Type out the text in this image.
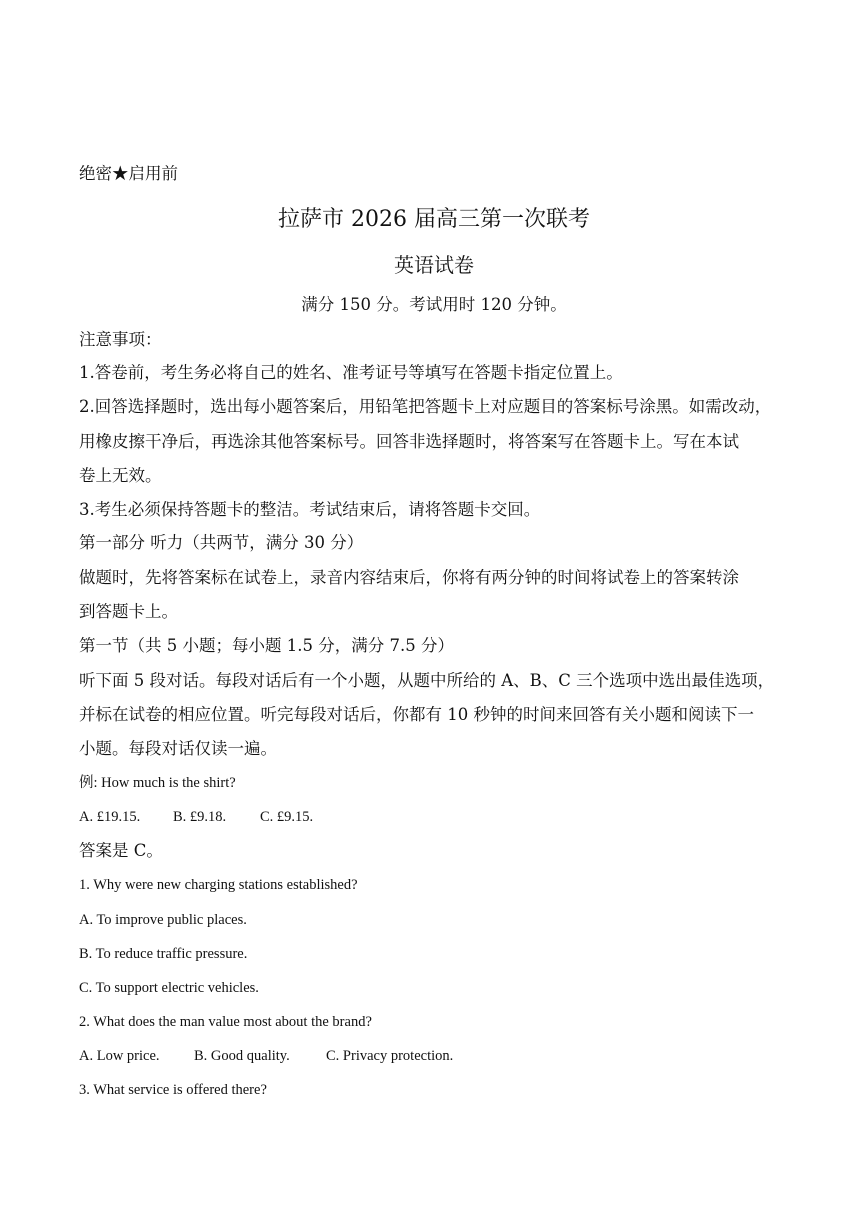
绝密★启用前
拉萨市 2026 届高三第一次联考
英语试卷
满分 150 分。考试用时 120 分钟。
注意事项：
1.答卷前，考生务必将自己的姓名、准考证号等填写在答题卡指定位置上。
2.回答选择题时，选出每小题答案后，用铅笔把答题卡上对应题目的答案标号涂黑。如需改动，
用橡皮擦干净后，再选涂其他答案标号。回答非选择题时，将答案写在答题卡上。写在本试
卷上无效。
3.考生必须保持答题卡的整洁。考试结束后，请将答题卡交回。
第一部分 听力（共两节，满分 30 分）
做题时，先将答案标在试卷上，录音内容结束后，你将有两分钟的时间将试卷上的答案转涂
到答题卡上。
第一节（共 5 小题；每小题 1.5 分，满分 7.5 分）
听下面 5 段对话。每段对话后有一个小题，从题中所给的 A、B、C 三个选项中选出最佳选项，
并标在试卷的相应位置。听完每段对话后，你都有 10 秒钟的时间来回答有关小题和阅读下一
小题。每段对话仅读一遍。
例: How much is the shirt?
A. £19.15. B. £9.18. C. £9.15.
答案是 C。
1. Why were new charging stations established?
A. To improve public places.
B. To reduce traffic pressure.
C. To support electric vehicles.
2. What does the man value most about the brand?
A. Low price. B. Good quality.	C. Privacy protection.
3. What service is offered there?
